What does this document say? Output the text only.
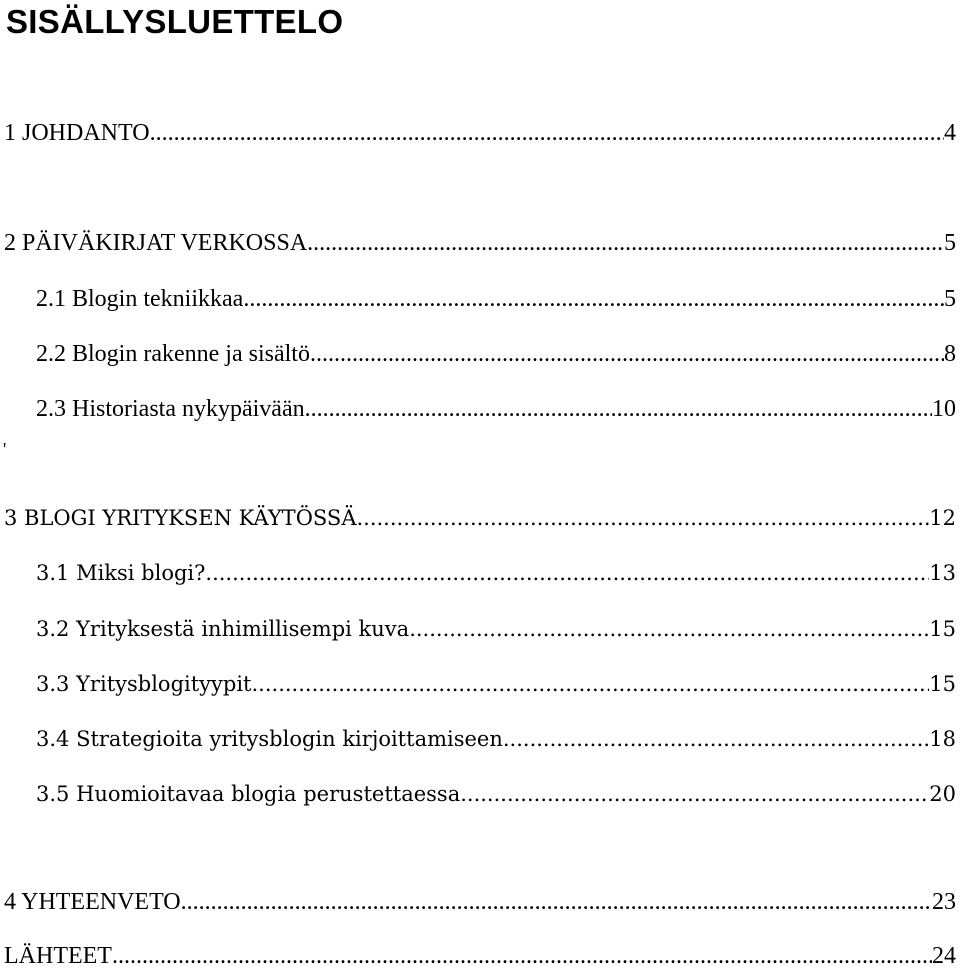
SISÄLLYSLUETTELO
1 JOHDANTO .....	4
2 PÄIVÄKIRJAT VERKOSSA .....	5
2.1 Blogin tekniikkaa .....	5
2.2 Blogin rakenne ja sisältö .....	8
2.3 Historiasta nykypäivään .....	10
'
3 BLOGI YRITYKSEN KÄYTÖSSÄ .....	12
3.1 Miksi blogi? .....	13
3.2 Yrityksestä inhimillisempi kuva .....	15
3.3 Yritysblogityypit .....	15
3.4 Strategioita yritysblogin kirjoittamiseen .....	18
3.5 Huomioitavaa blogia perustettaessa .....	20
4 YHTEENVETO .....	23
LÄHTEET .....	24
